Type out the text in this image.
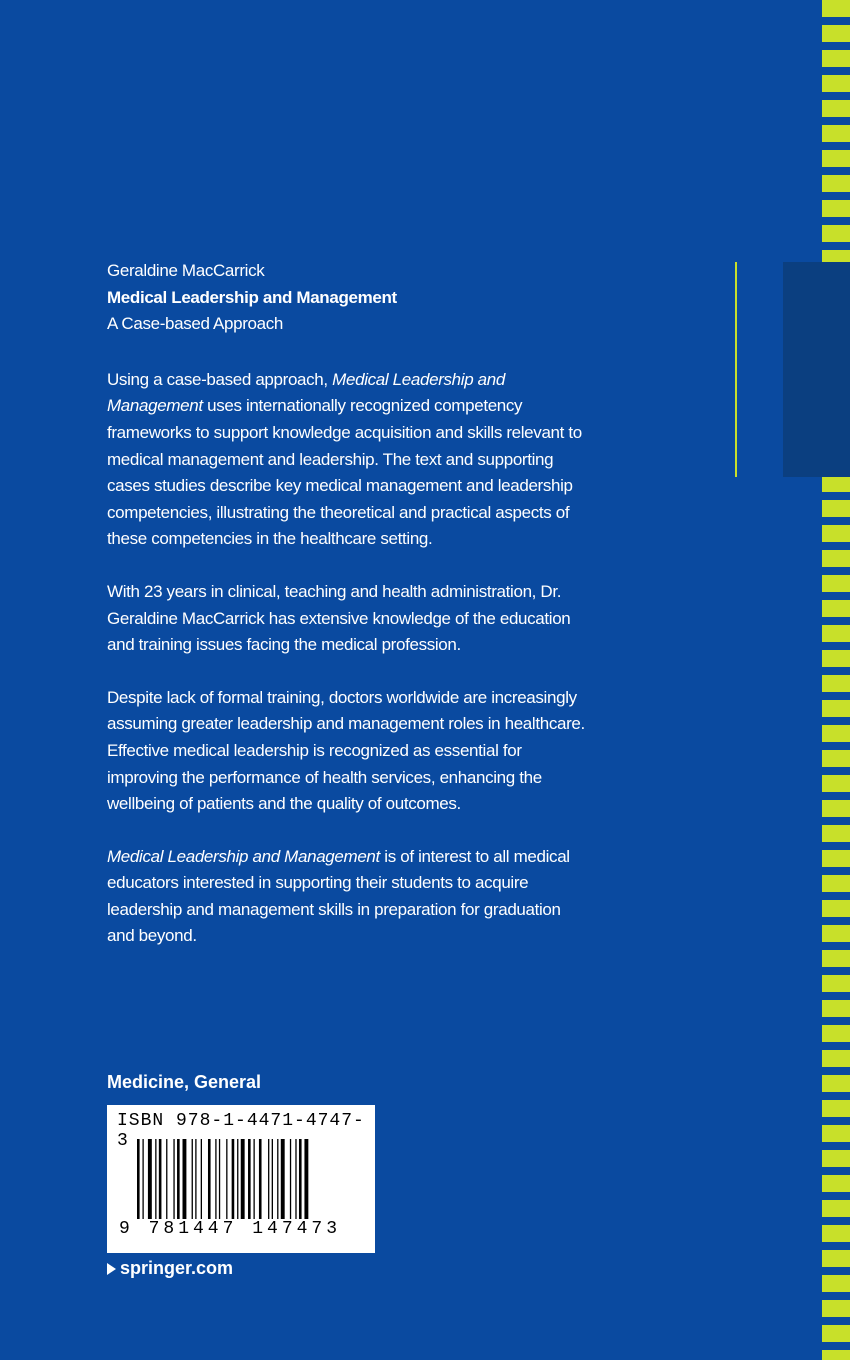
Geraldine MacCarrick
Medical Leadership and Management
A Case-based Approach

Using a case-based approach, Medical Leadership and Management uses internationally recognized competency frameworks to support knowledge acquisition and skills relevant to medical management and leadership. The text and supporting cases studies describe key medical management and leadership competencies, illustrating the theoretical and practical aspects of these competencies in the healthcare setting.

With 23 years in clinical, teaching and health administration, Dr. Geraldine MacCarrick has extensive knowledge of the education and training issues facing the medical profession.

Despite lack of formal training, doctors worldwide are increasingly assuming greater leadership and management roles in healthcare. Effective medical leadership is recognized as essential for improving the performance of health services, enhancing the wellbeing of patients and the quality of outcomes.

Medical Leadership and Management is of interest to all medical educators interested in supporting their students to acquire leadership and management skills in preparation for graduation and beyond.

Medicine, General
ISBN 978-1-4471-4747-3
9 781447 147473
springer.com
